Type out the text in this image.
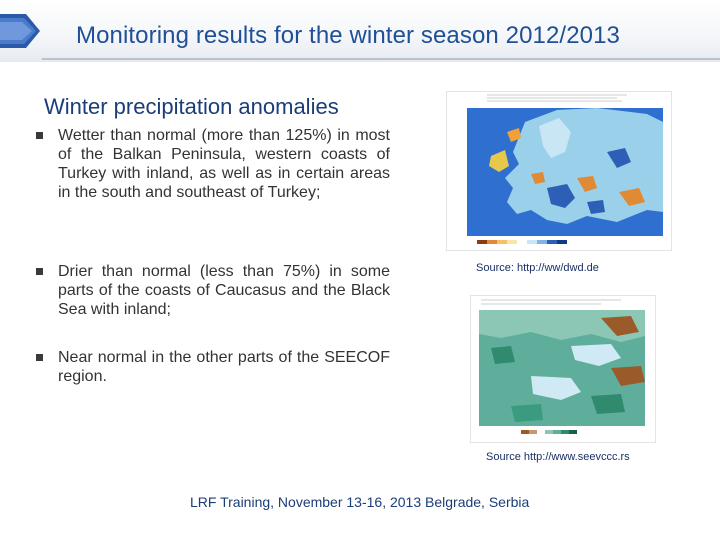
Monitoring results for the winter season 2012/2013
Winter precipitation anomalies
Wetter than normal (more than 125%) in most of the Balkan Peninsula, western coasts of Turkey with inland, as well as in certain areas in the south and southeast of Turkey;
Drier than normal (less than 75%) in some parts of the coasts of Caucasus and the Black Sea with inland;
Near normal in the other parts of the SEECOF region.
Source: http://ww/dwd.de
Source http://www.seevccc.rs
LRF Training, November 13-16, 2013 Belgrade, Serbia
